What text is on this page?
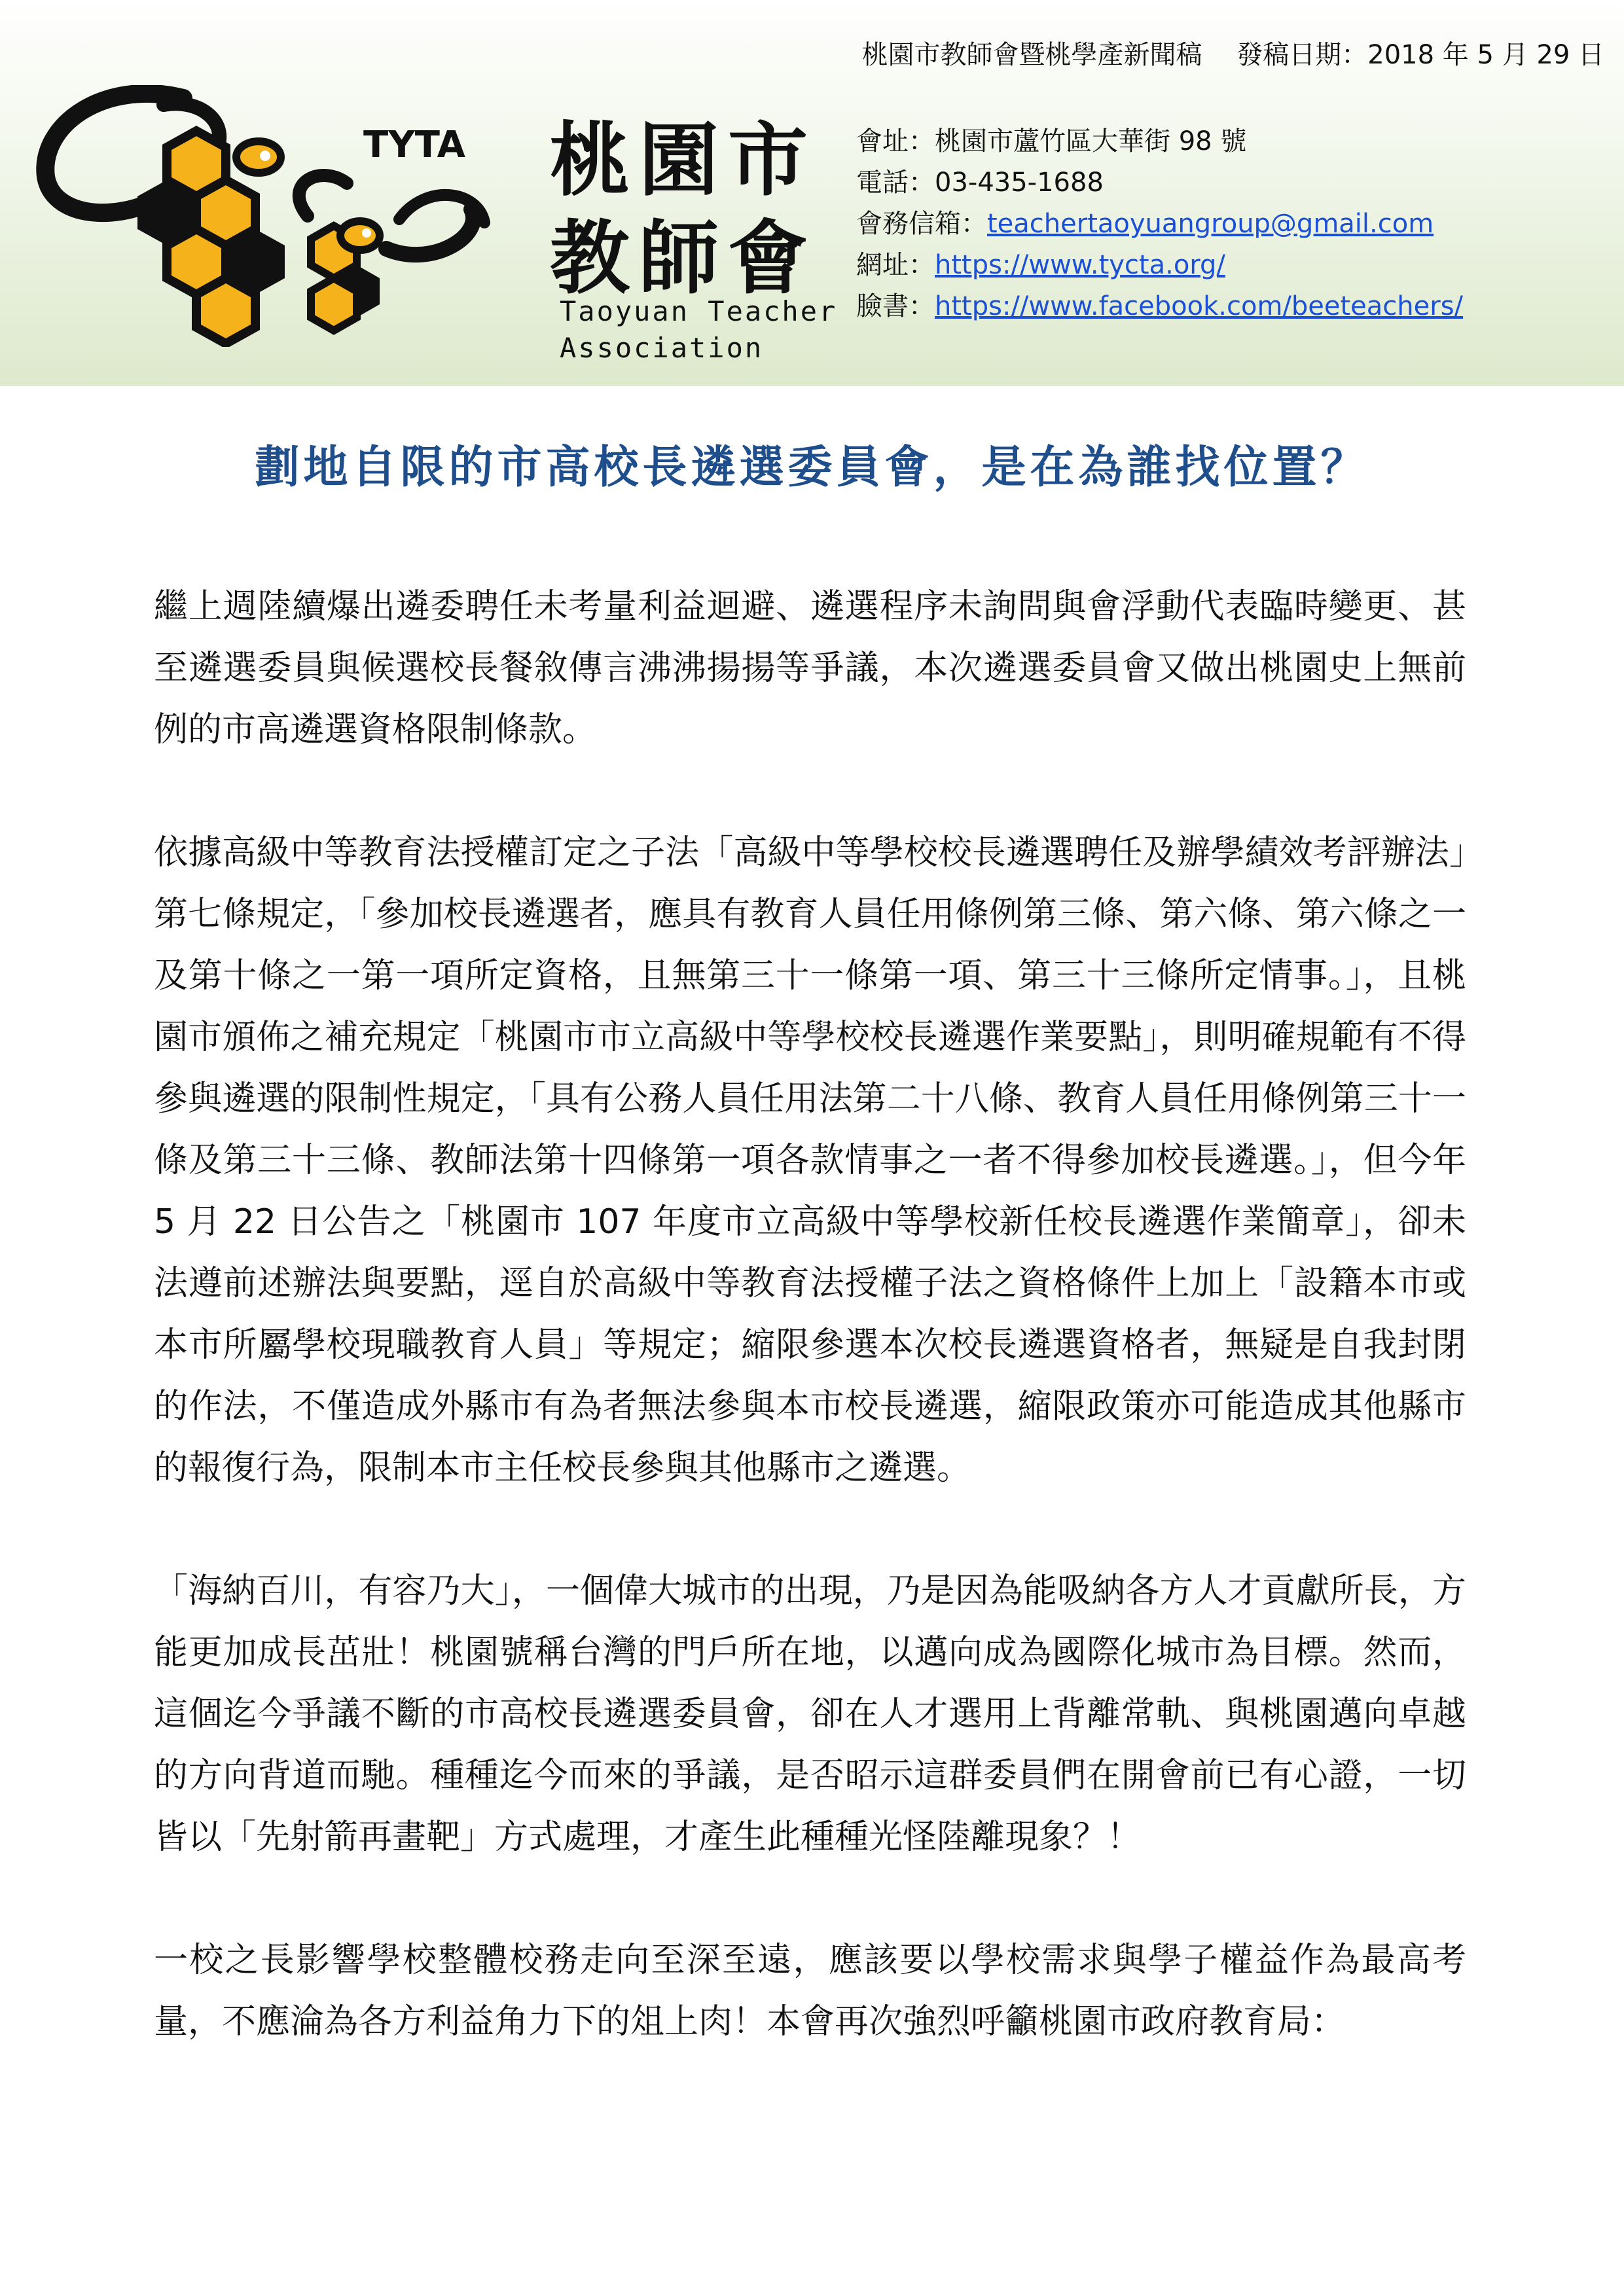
桃園市教師會暨桃學產新聞稿 發稿日期：2018 年 5 月 29 日
TYTA 桃園市
教師會
Taoyuan Teacher
Association
會址：桃園市蘆竹區大華街 98 號
電話：03-435-1688
會務信箱：teachertaoyuangroup@gmail.com
網址：https://www.tycta.org/
臉書：https://www.facebook.com/beeteachers/
劃地自限的市高校長遴選委員會，是在為誰找位置？

繼上週陸續爆出遴委聘任未考量利益迴避、遴選程序未詢問與會浮動代表臨時變更、甚至遴選委員與候選校長餐敘傳言沸沸揚揚等爭議，本次遴選委員會又做出桃園史上無前例的市高遴選資格限制條款。

依據高級中等教育法授權訂定之子法「高級中等學校校長遴選聘任及辦學績效考評辦法」第七條規定，「參加校長遴選者，應具有教育人員任用條例第三條、第六條、第六條之一及第十條之一第一項所定資格，且無第三十一條第一項、第三十三條所定情事。」，且桃園市頒佈之補充規定「桃園市市立高級中等學校校長遴選作業要點」，則明確規範有不得參與遴選的限制性規定，「具有公務人員任用法第二十八條、教育人員任用條例第三十一條及第三十三條、教師法第十四條第一項各款情事之一者不得參加校長遴選。」，但今年 5 月 22 日公告之「桃園市 107 年度市立高級中等學校新任校長遴選作業簡章」，卻未法遵前述辦法與要點，逕自於高級中等教育法授權子法之資格條件上加上「設籍本市或本市所屬學校現職教育人員」等規定；縮限參選本次校長遴選資格者，無疑是自我封閉的作法，不僅造成外縣市有為者無法參與本市校長遴選，縮限政策亦可能造成其他縣市的報復行為，限制本市主任校長參與其他縣市之遴選。

「海納百川，有容乃大」，一個偉大城市的出現，乃是因為能吸納各方人才貢獻所長，方能更加成長茁壯！桃園號稱台灣的門戶所在地，以邁向成為國際化城市為目標。然而，這個迄今爭議不斷的市高校長遴選委員會，卻在人才選用上背離常軌、與桃園邁向卓越的方向背道而馳。種種迄今而來的爭議，是否昭示這群委員們在開會前已有心證，一切皆以「先射箭再畫靶」方式處理，才產生此種種光怪陸離現象？！

一校之長影響學校整體校務走向至深至遠，應該要以學校需求與學子權益作為最高考量，不應淪為各方利益角力下的俎上肉！本會再次強烈呼籲桃園市政府教育局：
